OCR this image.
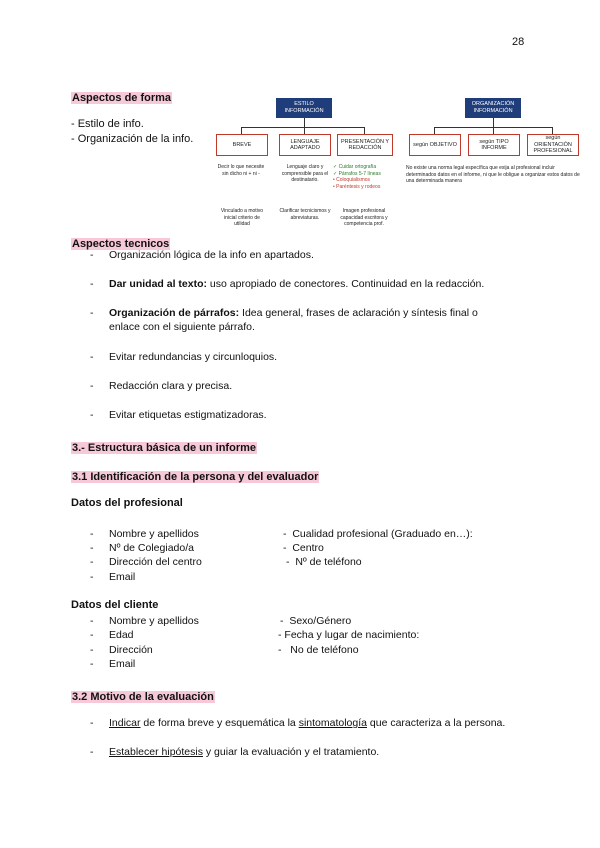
28
Aspectos de forma
- Estilo de info.
- Organización de la info.
ESTILO INFORMACIÓN
BREVE
LENGUAJE ADAPTADO
PRESENTACIÓN Y REDACCIÓN
Decir lo que necesite sin dicho ni + ni -
Vinculado a motivo inicial criterio de utilidad
Lenguaje claro y comprensible para el destinatario.
Clarificar tecnicismos y abreviaturas.
✓ Cuidar ortografía
✓ Párrafos 5-7 líneas
• Coloquialismos
• Paréntesis y rodeos
Imagen profesional capacidad escritora y competencia prof.
ORGANIZACIÓN INFORMACIÓN
según OBJETIVO
según TIPO INFORME
según ORIENTACIÓN PROFESIONAL
No existe una norma legal específica que exija al profesional incluir determinados datos en el informe, ni que le obligue a organizar estos datos de una determinada manera
Aspectos tecnicos
- Organización lógica de la info en apartados.
- Dar unidad al texto: uso apropiado de conectores. Continuidad en la redacción.
- Organización de párrafos: Idea general, frases de aclaración y síntesis final o
enlace con el siguiente párrafo.
- Evitar redundancias y circunloquios.
- Redacción clara y precisa.
- Evitar etiquetas estigmatizadoras.
3.- Estructura básica de un informe
3.1 Identificación de la persona y del evaluador
Datos del profesional
- Nombre y apellidos
- Nº de Colegiado/a
- Dirección del centro
- Email
- Cualidad profesional (Graduado en…):
- Centro
- Nº de teléfono
Datos del cliente
- Nombre y apellidos
- Edad
- Dirección
- Email
- Sexo/Género
- Fecha y lugar de nacimiento:
- No de teléfono
3.2 Motivo de la evaluación
- Indicar de forma breve y esquemática la sintomatología que caracteriza a la persona.
- Establecer hipótesis y guiar la evaluación y el tratamiento.
